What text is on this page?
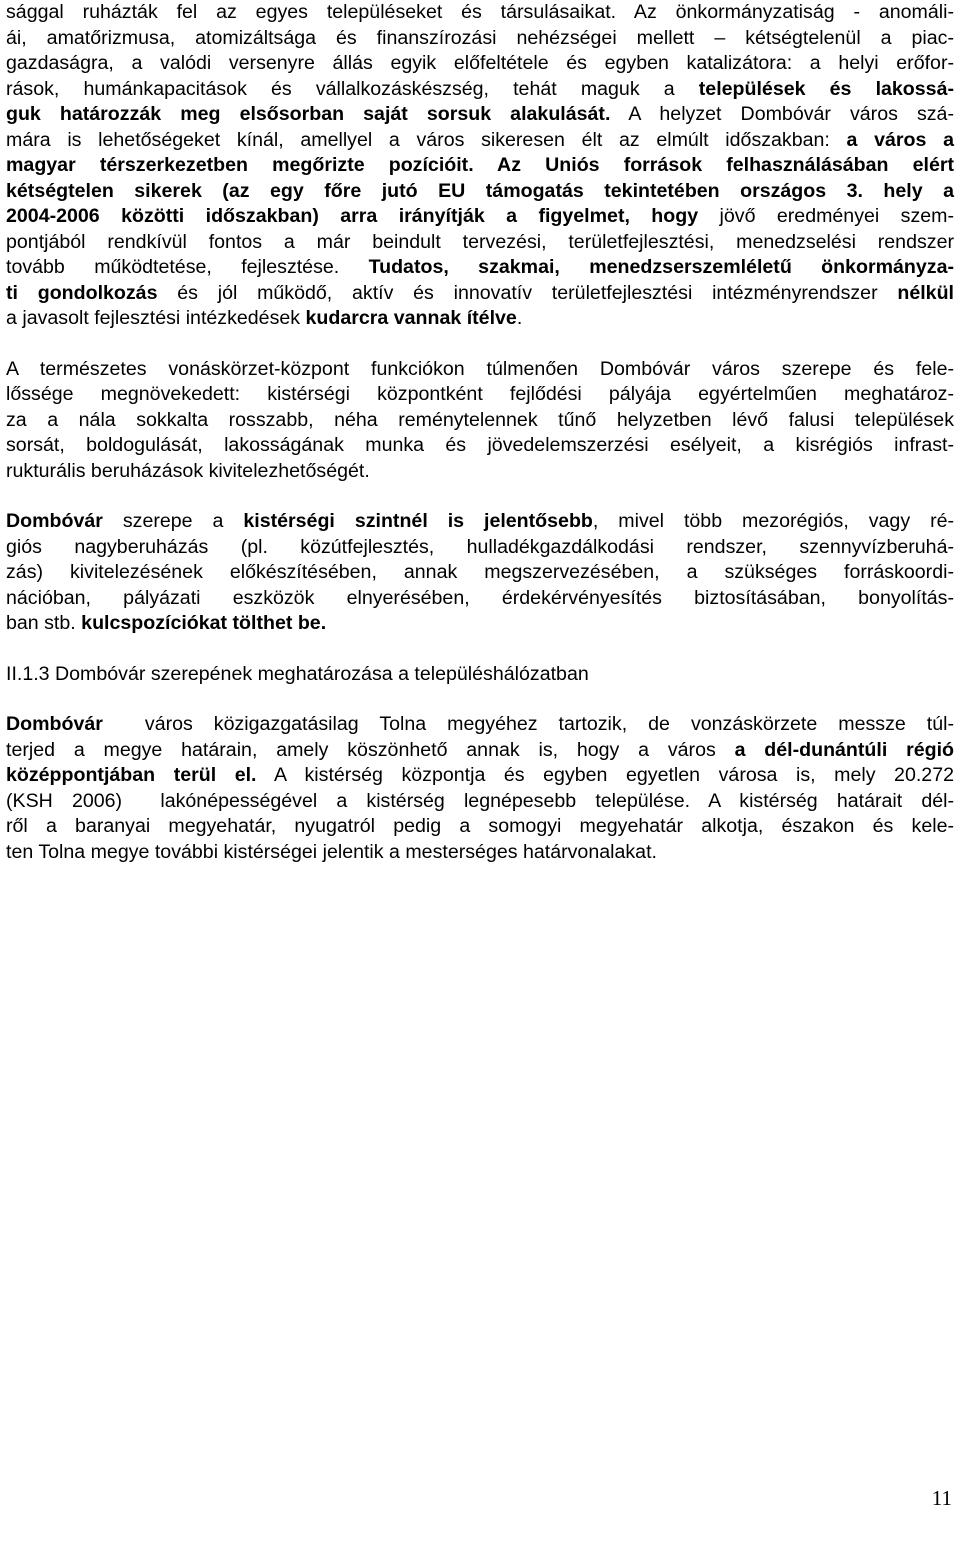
sággal ruházták fel az egyes településeket és társulásaikat. Az önkormányzatiság - anomáli-
ái, amatőrizmusa, atomizáltsága és finanszírozási nehézségei mellett – kétségtelenül a piac-
gazdaságra, a valódi versenyre állás egyik előfeltétele és egyben katalizátora: a helyi erőfor-
rások, humánkapacitások és vállalkozáskészség, tehát maguk a települések és lakossá-
guk határozzák meg elsősorban saját sorsuk alakulását. A helyzet Dombóvár város szá-
mára is lehetőségeket kínál, amellyel a város sikeresen élt az elmúlt időszakban: a város a
magyar térszerkezetben megőrizte pozícióit. Az Uniós források felhasználásában elért
kétségtelen sikerek (az egy főre jutó EU támogatás tekintetében országos 3. hely a
2004-2006 közötti időszakban) arra irányítják a figyelmet, hogy jövő eredményei szem-
pontjából rendkívül fontos a már beindult tervezési, területfejlesztési, menedzselési rendszer
tovább működtetése, fejlesztése. Tudatos, szakmai, menedzserszemléletű önkormányza-
ti gondolkozás és jól működő, aktív és innovatív területfejlesztési intézményrendszer nélkül
a javasolt fejlesztési intézkedések kudarcra vannak ítélve.
A természetes vonáskörzet-központ funkciókon túlmenően Dombóvár város szerepe és fele-
lőssége megnövekedett: kistérségi központként fejlődési pályája egyértelműen meghatároz-
za a nála sokkalta rosszabb, néha reménytelennek tűnő helyzetben lévő falusi települések
sorsát, boldogulását, lakosságának munka és jövedelemszerzési esélyeit, a kisrégiós infrast-
rukturális beruházások kivitelezhetőségét.
Dombóvár szerepe a kistérségi szintnél is jelentősebb, mivel több mezorégiós, vagy ré-
giós nagyberuházás (pl. közútfejlesztés, hulladékgazdálkodási rendszer, szennyvízberuhá-
zás) kivitelezésének előkészítésében, annak megszervezésében, a szükséges forráskoordi-
nációban, pályázati eszközök elnyerésében, érdekérvényesítés biztosításában, bonyolítás-
ban stb. kulcspozíciókat tölthet be.
II.1.3 Dombóvár szerepének meghatározása a településhálózatban
Dombóvár  város közigazgatásilag Tolna megyéhez tartozik, de vonzáskörzete messze túl-
terjed a megye határain, amely köszönhető annak is, hogy a város a dél-dunántúli régió
középpontjában terül el. A kistérség központja és egyben egyetlen városa is, mely 20.272
(KSH 2006)  lakónépességével a kistérség legnépesebb települése. A kistérség határait dél-
ről a baranyai megyehatár, nyugatról pedig a somogyi megyehatár alkotja, északon és kele-
ten Tolna megye további kistérségei jelentik a mesterséges határvonalakat.
11
